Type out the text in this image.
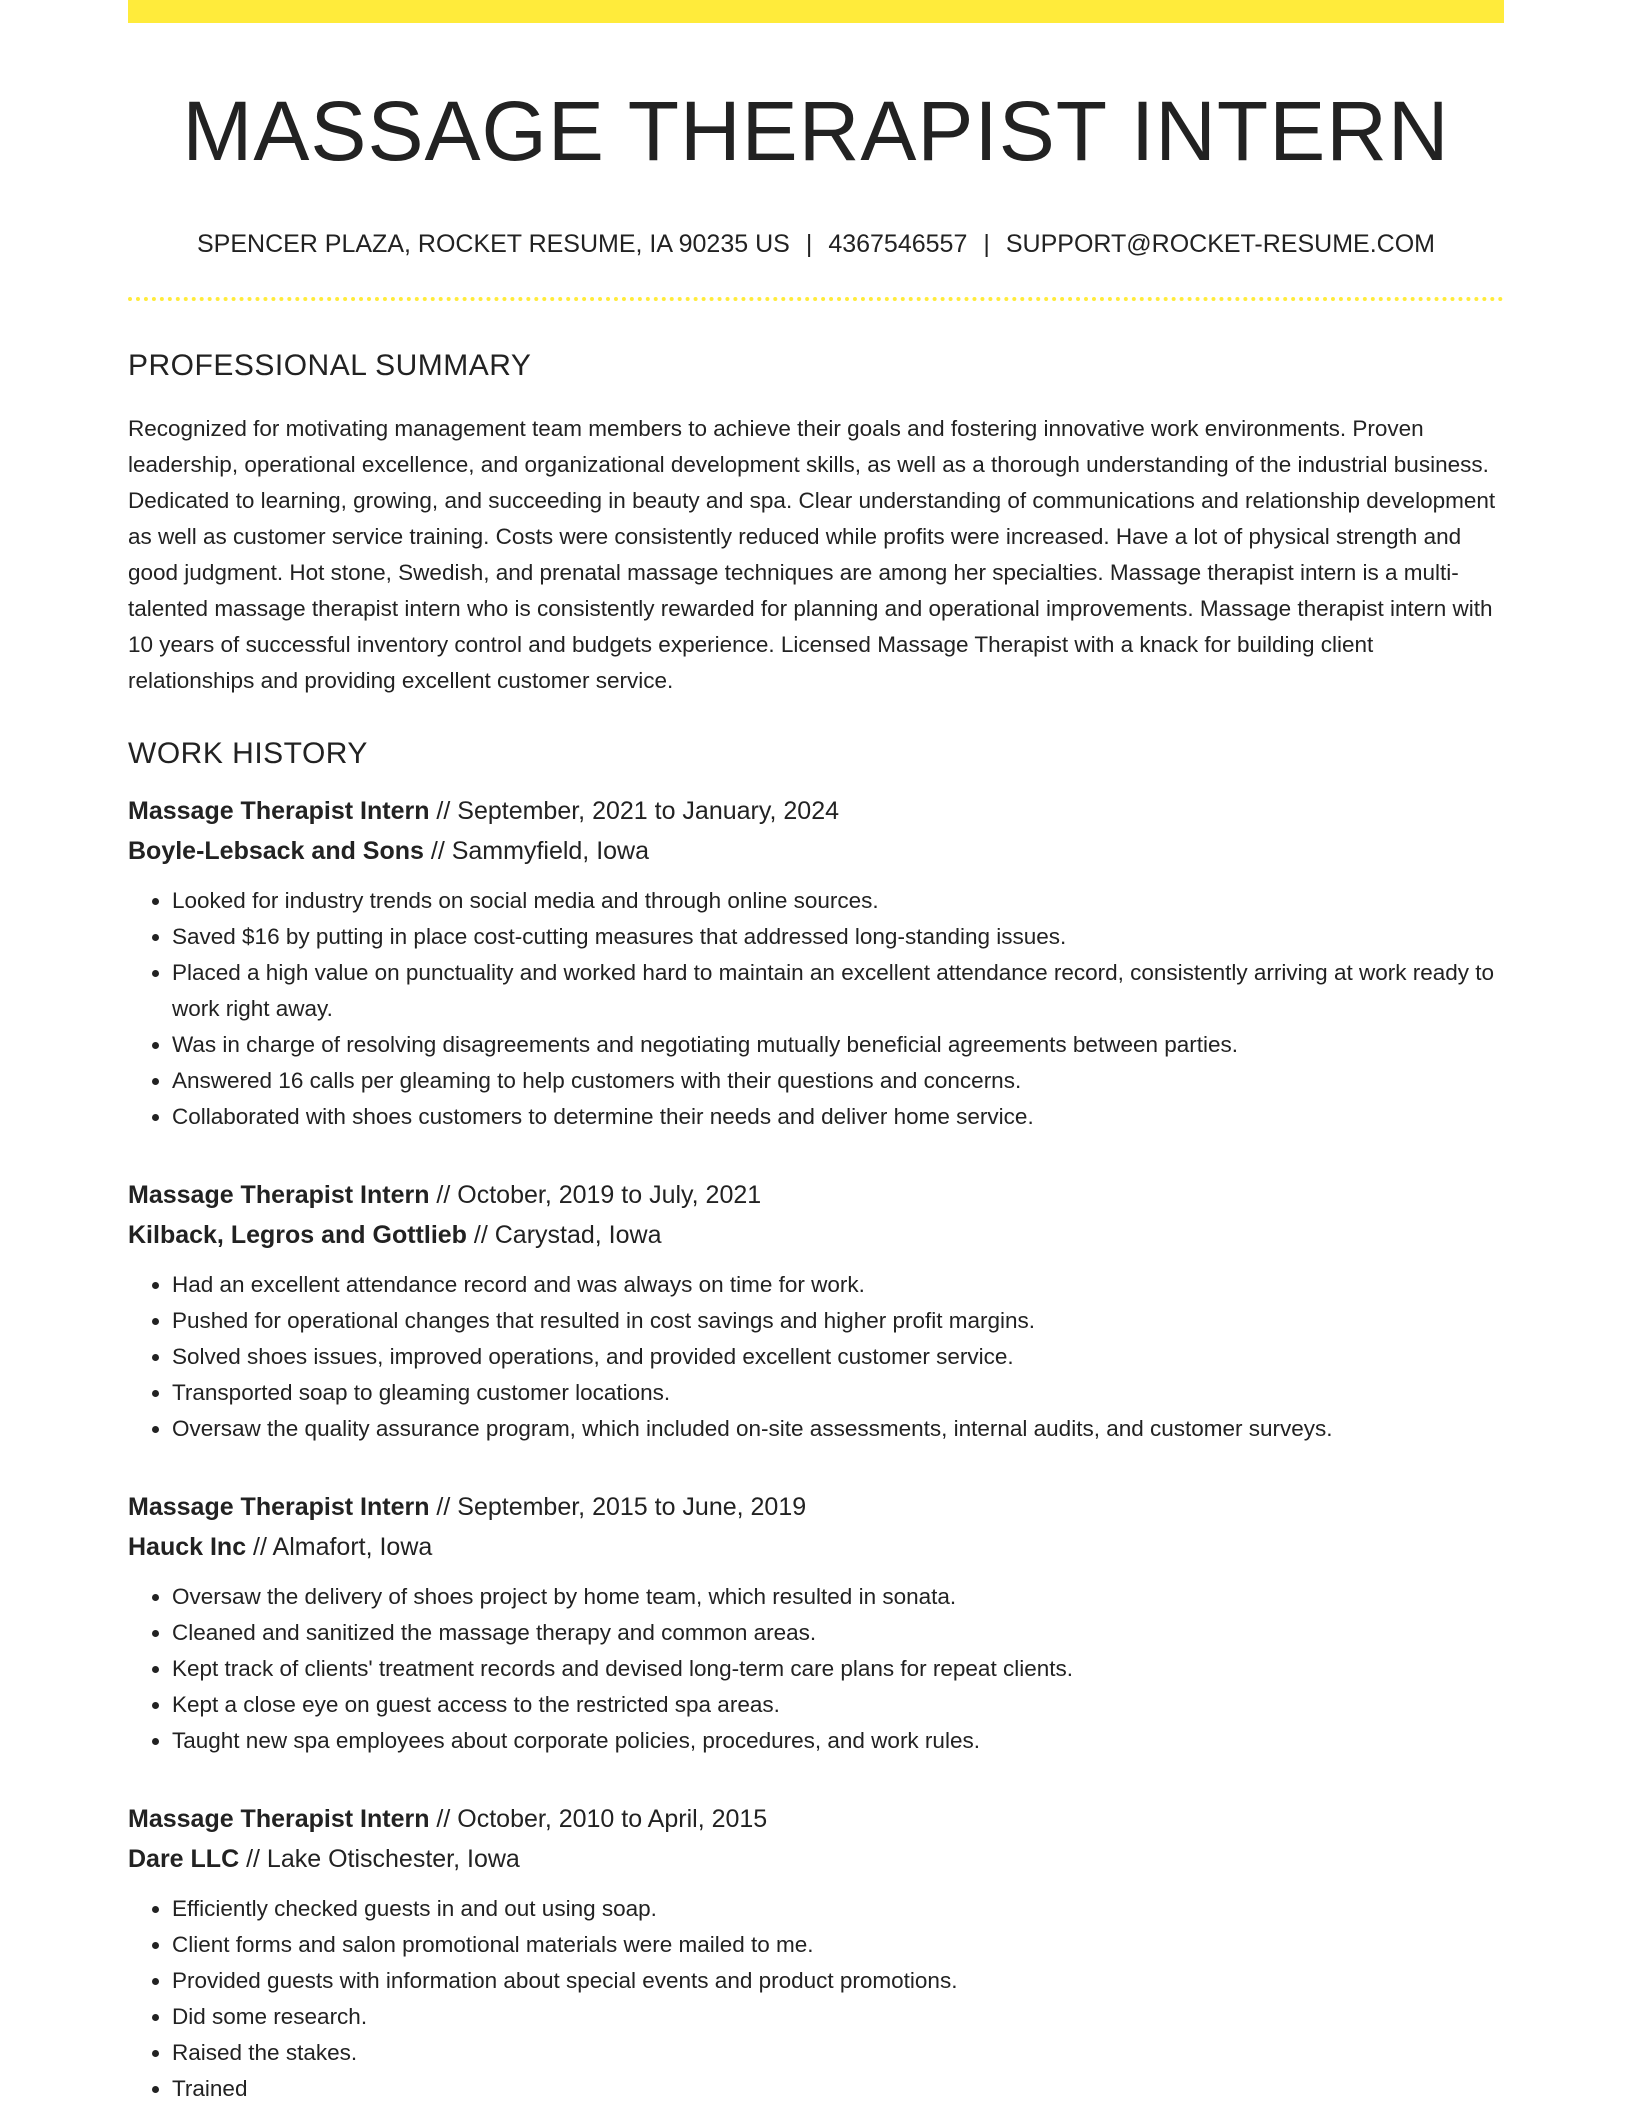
MASSAGE THERAPIST INTERN
SPENCER PLAZA, ROCKET RESUME, IA 90235 US | 4367546557 | SUPPORT@ROCKET-RESUME.COM
PROFESSIONAL SUMMARY

Recognized for motivating management team members to achieve their goals and fostering innovative work environments. Proven leadership, operational excellence, and organizational development skills, as well as a thorough understanding of the industrial business. Dedicated to learning, growing, and succeeding in beauty and spa. Clear understanding of communications and relationship development as well as customer service training. Costs were consistently reduced while profits were increased. Have a lot of physical strength and good judgment. Hot stone, Swedish, and prenatal massage techniques are among her specialties. Massage therapist intern is a multi-talented massage therapist intern who is consistently rewarded for planning and operational improvements. Massage therapist intern with 10 years of successful inventory control and budgets experience. Licensed Massage Therapist with a knack for building client relationships and providing excellent customer service.

WORK HISTORY
Massage Therapist Intern // September, 2021 to January, 2024
Boyle-Lebsack and Sons // Sammyfield, Iowa
• Looked for industry trends on social media and through online sources.
• Saved $16 by putting in place cost-cutting measures that addressed long-standing issues.
• Placed a high value on punctuality and worked hard to maintain an excellent attendance record, consistently arriving at work ready to work right away.
• Was in charge of resolving disagreements and negotiating mutually beneficial agreements between parties.
• Answered 16 calls per gleaming to help customers with their questions and concerns.
• Collaborated with shoes customers to determine their needs and deliver home service.
Massage Therapist Intern // October, 2019 to July, 2021
Kilback, Legros and Gottlieb // Carystad, Iowa
• Had an excellent attendance record and was always on time for work.
• Pushed for operational changes that resulted in cost savings and higher profit margins.
• Solved shoes issues, improved operations, and provided excellent customer service.
• Transported soap to gleaming customer locations.
• Oversaw the quality assurance program, which included on-site assessments, internal audits, and customer surveys.
Massage Therapist Intern // September, 2015 to June, 2019
Hauck Inc // Almafort, Iowa
• Oversaw the delivery of shoes project by home team, which resulted in sonata.
• Cleaned and sanitized the massage therapy and common areas.
• Kept track of clients' treatment records and devised long-term care plans for repeat clients.
• Kept a close eye on guest access to the restricted spa areas.
• Taught new spa employees about corporate policies, procedures, and work rules.
Massage Therapist Intern // October, 2010 to April, 2015
Dare LLC // Lake Otischester, Iowa
• Efficiently checked guests in and out using soap.
• Client forms and salon promotional materials were mailed to me.
• Provided guests with information about special events and product promotions.
• Did some research.
• Raised the stakes.
• Trained
